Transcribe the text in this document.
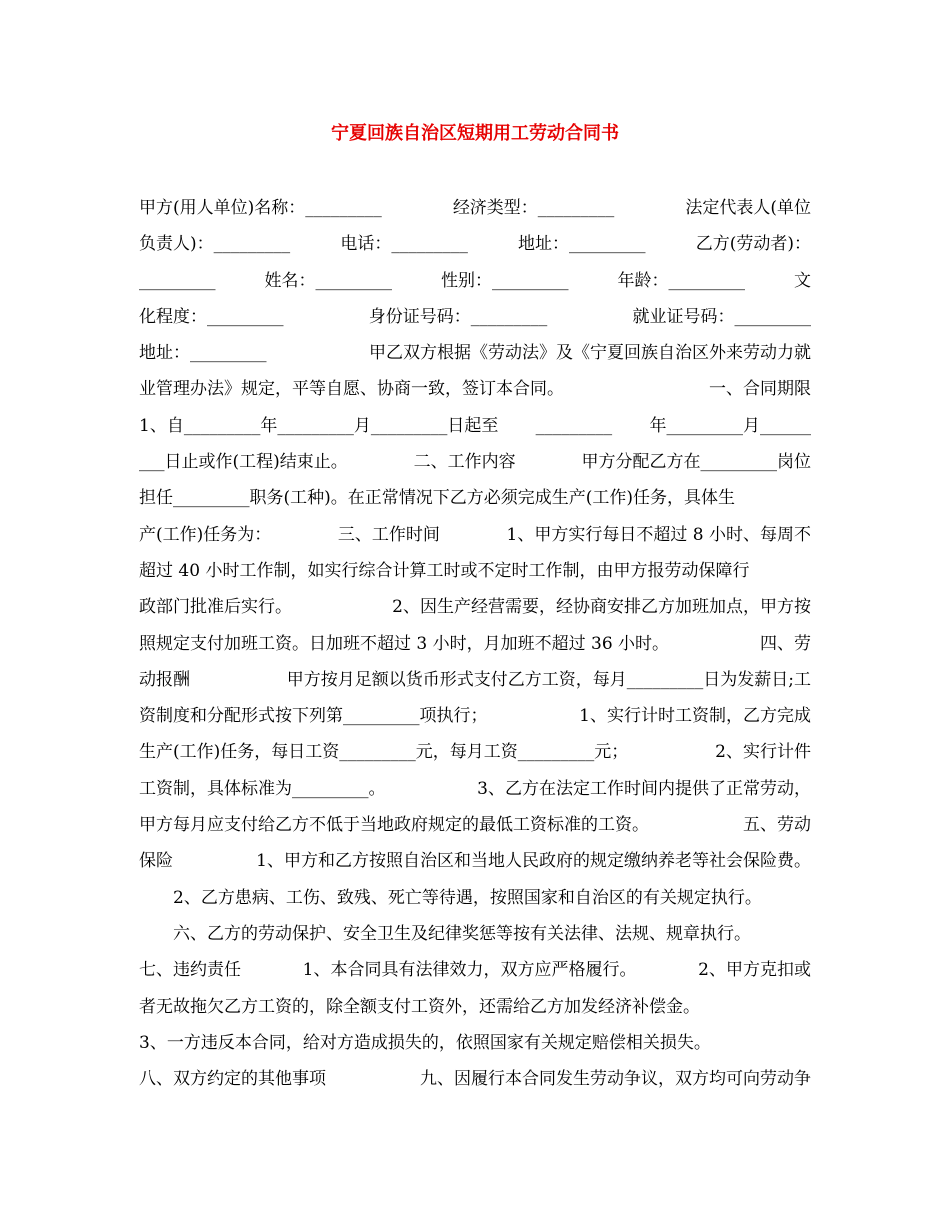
宁夏回族自治区短期用工劳动合同书
甲方(用人单位)名称：_________	经济类型：_________	法定代表人(单位
负责人)：_________	电话：_________	地址：_________	乙方(劳动者)：
_________	姓名：_________	性别：_________	年龄：_________	文
化程度：_________	身份证号码：_________	就业证号码：_________
地址：_________	甲乙双方根据《劳动法》及《宁夏回族自治区外来劳动力就
业管理办法》规定，平等自愿、协商一致，签订本合同。	一、合同期限
1、自_________年_________月_________日起至 _________ 年_________月______
___日止或作(工程)结束止。	二、工作内容	甲方分配乙方在_________岗位
担任_________职务(工种)。在正常情况下乙方必须完成生产(工作)任务，具体生
产(工作)任务为：	三、工作时间	1、甲方实行每日不超过 8 小时、每周不
超过 40 小时工作制，如实行综合计算工时或不定时工作制，由甲方报劳动保障行
政部门批准后实行。	2、因生产经营需要，经协商安排乙方加班加点，甲方按
照规定支付加班工资。日加班不超过 3 小时，月加班不超过 36 小时。	四、劳
动报酬	甲方按月足额以货币形式支付乙方工资，每月_________日为发薪日;工
资制度和分配形式按下列第_________项执行；	1、实行计时工资制，乙方完成
生产(工作)任务，每日工资_________元，每月工资_________元；	2、实行计件
工资制，具体标准为_________。	3、乙方在法定工作时间内提供了正常劳动，
甲方每月应支付给乙方不低于当地政府规定的最低工资标准的工资。	五、劳动
保险	1、甲方和乙方按照自治区和当地人民政府的规定缴纳养老等社会保险费。
2、乙方患病、工伤、致残、死亡等待遇，按照国家和自治区的有关规定执行。
六、乙方的劳动保护、安全卫生及纪律奖惩等按有关法律、法规、规章执行。
七、违约责任	1、本合同具有法律效力，双方应严格履行。	2、甲方克扣或
者无故拖欠乙方工资的，除全额支付工资外，还需给乙方加发经济补偿金。
3、一方违反本合同，给对方造成损失的，依照国家有关规定赔偿相关损失。
八、双方约定的其他事项	九、因履行本合同发生劳动争议，双方均可向劳动争
